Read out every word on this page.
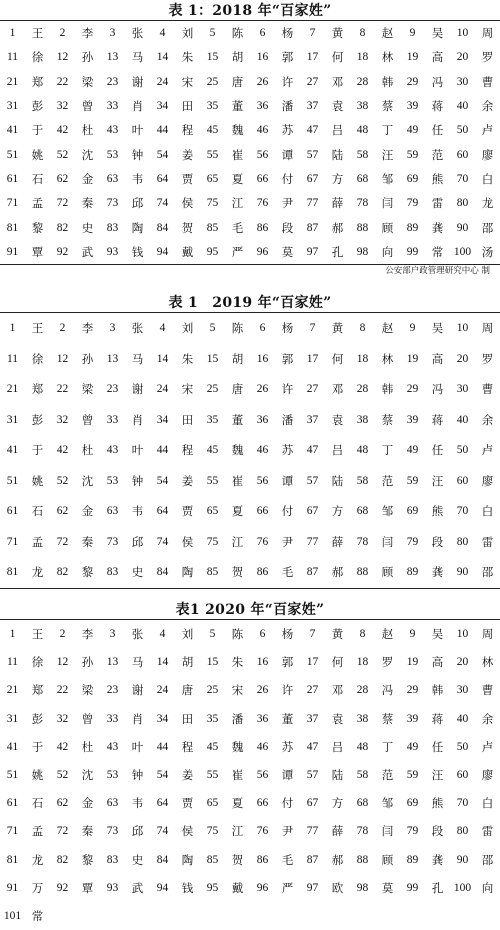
表 1：2018 年“百家姓”
1	王	2	李	3	张	4	刘	5	陈	6	杨	7	黄	8	赵	9	吴	10	周
11	徐	12	孙	13	马	14	朱	15	胡	16	郭	17	何	18	林	19	高	20	罗
21	郑	22	梁	23	谢	24	宋	25	唐	26	许	27	邓	28	韩	29	冯	30	曹
31	彭	32	曾	33	肖	34	田	35	董	36	潘	37	袁	38	蔡	39	蒋	40	余
41	于	42	杜	43	叶	44	程	45	魏	46	苏	47	吕	48	丁	49	任	50	卢
51	姚	52	沈	53	钟	54	姜	55	崔	56	谭	57	陆	58	汪	59	范	60	廖
61	石	62	金	63	韦	64	贾	65	夏	66	付	67	方	68	邹	69	熊	70	白
71	孟	72	秦	73	邱	74	侯	75	江	76	尹	77	薛	78	闫	79	雷	80	龙
81	黎	82	史	83	陶	84	贺	85	毛	86	段	87	郝	88	顾	89	龚	90	邵
91	覃	92	武	93	钱	94	戴	95	严	96	莫	97	孔	98	向	99	常	100	汤
公安部户政管理研究中心 制
表 1　2019 年“百家姓”
1	王	2	李	3	张	4	刘	5	陈	6	杨	7	黄	8	赵	9	吴	10	周
11	徐	12	孙	13	马	14	朱	15	胡	16	郭	17	何	18	林	19	高	20	罗
21	郑	22	梁	23	谢	24	宋	25	唐	26	许	27	邓	28	韩	29	冯	30	曹
31	彭	32	曾	33	肖	34	田	35	董	36	潘	37	袁	38	蔡	39	蒋	40	余
41	于	42	杜	43	叶	44	程	45	魏	46	苏	47	吕	48	丁	49	任	50	卢
51	姚	52	沈	53	钟	54	姜	55	崔	56	谭	57	陆	58	范	59	汪	60	廖
61	石	62	金	63	韦	64	贾	65	夏	66	付	67	方	68	邹	69	熊	70	白
71	孟	72	秦	73	邱	74	侯	75	江	76	尹	77	薛	78	闫	79	段	80	雷
81	龙	82	黎	83	史	84	陶	85	贺	86	毛	87	郝	88	顾	89	龚	90	邵
表1 2020 年“百家姓”
1	王	2	李	3	张	4	刘	5	陈	6	杨	7	黄	8	赵	9	吴	10	周
11	徐	12	孙	13	马	14	胡	15	朱	16	郭	17	何	18	罗	19	高	20	林
21	郑	22	梁	23	谢	24	唐	25	宋	26	许	27	邓	28	冯	29	韩	30	曹
31	彭	32	曾	33	肖	34	田	35	潘	36	董	37	袁	38	蔡	39	蒋	40	余
41	于	42	杜	43	叶	44	程	45	魏	46	苏	47	吕	48	丁	49	任	50	卢
51	姚	52	沈	53	钟	54	姜	55	崔	56	谭	57	陆	58	范	59	汪	60	廖
61	石	62	金	63	韦	64	贾	65	夏	66	付	67	方	68	邹	69	熊	70	白
71	孟	72	秦	73	邱	74	侯	75	江	76	尹	77	薛	78	闫	79	段	80	雷
81	龙	82	黎	83	史	84	陶	85	贺	86	毛	87	郝	88	顾	89	龚	90	邵
91	万	92	覃	93	武	94	钱	95	戴	96	严	97	欧	98	莫	99	孔	100	向
101	常																		
